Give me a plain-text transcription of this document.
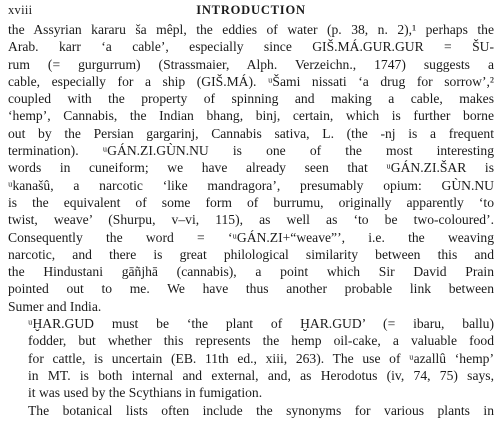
xviii	INTRODUCTION

the Assyrian kararu ša mêpl, the eddies of water (p. 38, n. 2),¹ perhaps the
Arab. karr ‘a cable’, especially since GIŠ.MÁ.GUR.GUR = ŠU-
rum (= gurgurrum) (Strassmaier, Alph. Verzeichn., 1747) suggests a
cable, especially for a ship (GIŠ.MÁ). ᵘŠami nissati ‘a drug for sorrow’,²
coupled with the property of spinning and making a cable, makes
‘hemp’, Cannabis, the Indian bhang, binj, certain, which is further borne
out by the Persian gargarinj, Cannabis sativa, L. (the -nj is a frequent
termination). ᵘGÁN.ZI.GÙN.NU is one of the most interesting
words in cuneiform; we have already seen that ᵘGÁN.ZI.ŠAR is
ᵘkanašû, a narcotic ‘like mandragora’, presumably opium: GÙN.NU
is the equivalent of some form of burrumu, originally apparently ‘to
twist, weave’ (Shurpu, v–vi, 115), as well as ‘to be two-coloured’.
Consequently the word = ‘ᵘGÁN.ZI+“weave”’, i.e. the weaving
narcotic, and there is great philological similarity between this and
the Hindustani gāñjhā (cannabis), a point which Sir David Prain
pointed out to me. We have thus another probable link between
Sumer and India.

ᵘḪAR.GUD must be ‘the plant of ḪAR.GUD’ (= ibaru, ballu)
fodder, but whether this represents the hemp oil-cake, a valuable food
for cattle, is uncertain (EB. 11th ed., xiii, 263). The use of ᵘazallû ‘hemp’
in MT. is both internal and external, and, as Herodotus (iv, 74, 75) says,
it was used by the Scythians in fumigation.

The botanical lists often include the synonyms for various plants in
